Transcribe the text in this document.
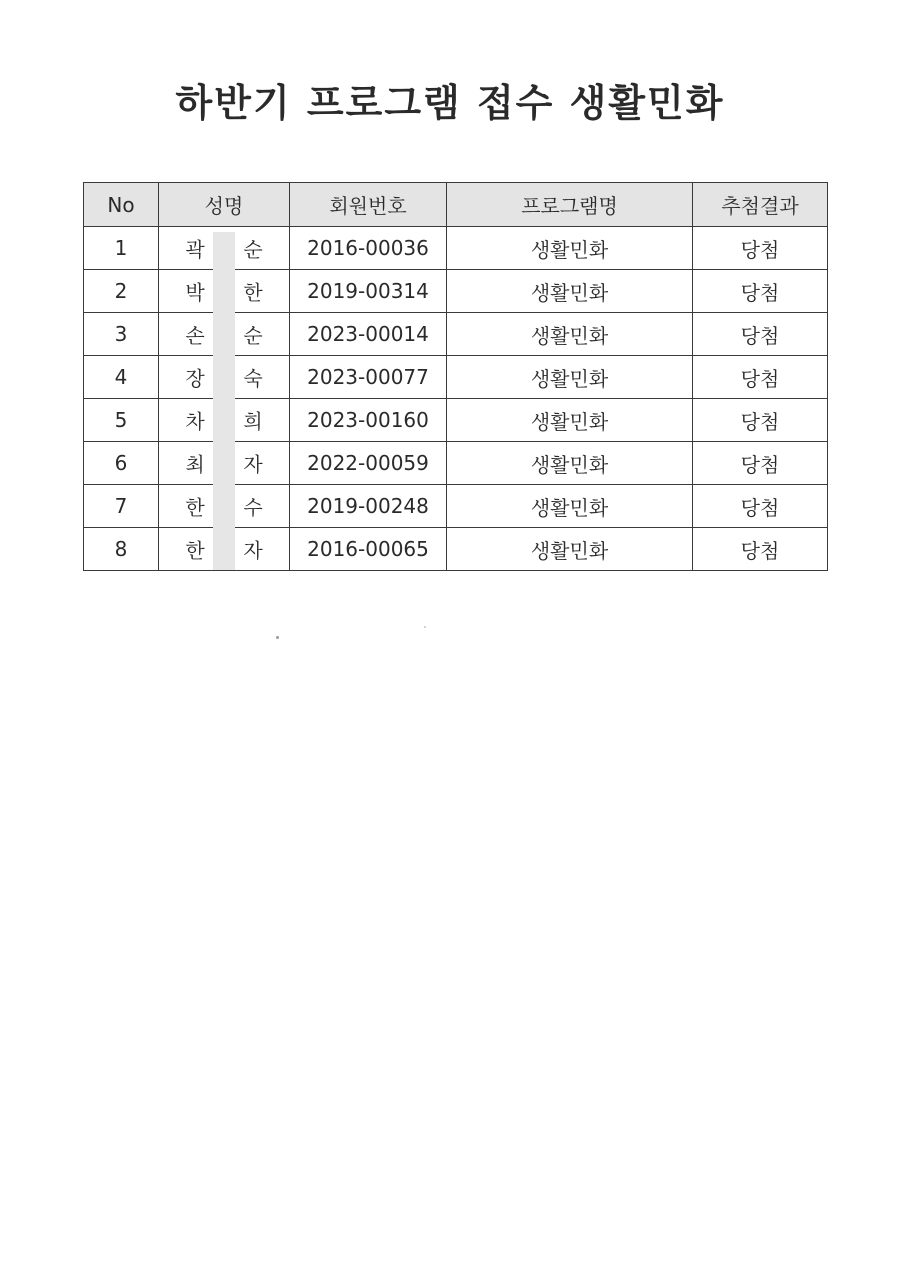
하반기 프로그램 접수 생활민화
No	성명	회원번호	프로그램명	추첨결과
1	곽 순	2016-00036	생활민화	당첨
2	박 한	2019-00314	생활민화	당첨
3	손 순	2023-00014	생활민화	당첨
4	장 숙	2023-00077	생활민화	당첨
5	차 희	2023-00160	생활민화	당첨
6	최 자	2022-00059	생활민화	당첨
7	한 수	2019-00248	생활민화	당첨
8	한 자	2016-00065	생활민화	당첨
